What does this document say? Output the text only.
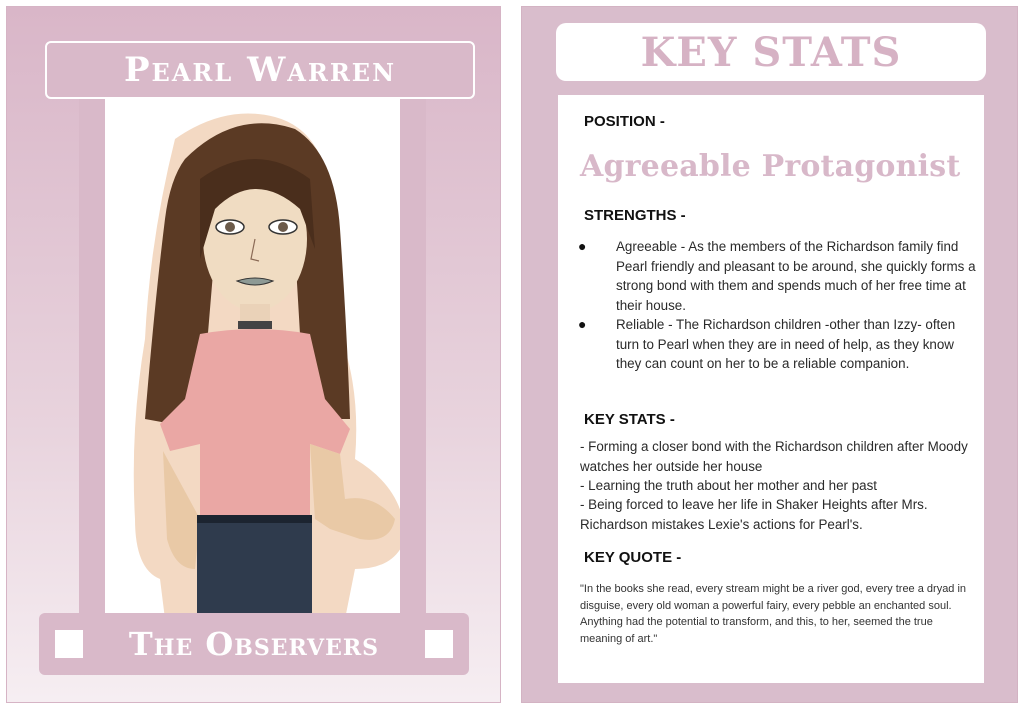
Pearl Warren
The Observers
KEY STATS
POSITION -
Agreeable Protagonist
STRENGTHS -
● Agreeable - As the members of the Richardson family find Pearl friendly and pleasant to be around, she quickly forms a strong bond with them and spends much of her free time at their house.
● Reliable - The Richardson children -other than Izzy- often turn to Pearl when they are in need of help, as they know they can count on her to be a reliable companion.
KEY STATS -
- Forming a closer bond with the Richardson children after Moody watches her outside her house
- Learning the truth about her mother and her past
- Being forced to leave her life in Shaker Heights after Mrs. Richardson mistakes Lexie's actions for Pearl's.
KEY QUOTE -
"In the books she read, every stream might be a river god, every tree a dryad in disguise, every old woman a powerful fairy, every pebble an enchanted soul. Anything had the potential to transform, and this, to her, seemed the true meaning of art."
